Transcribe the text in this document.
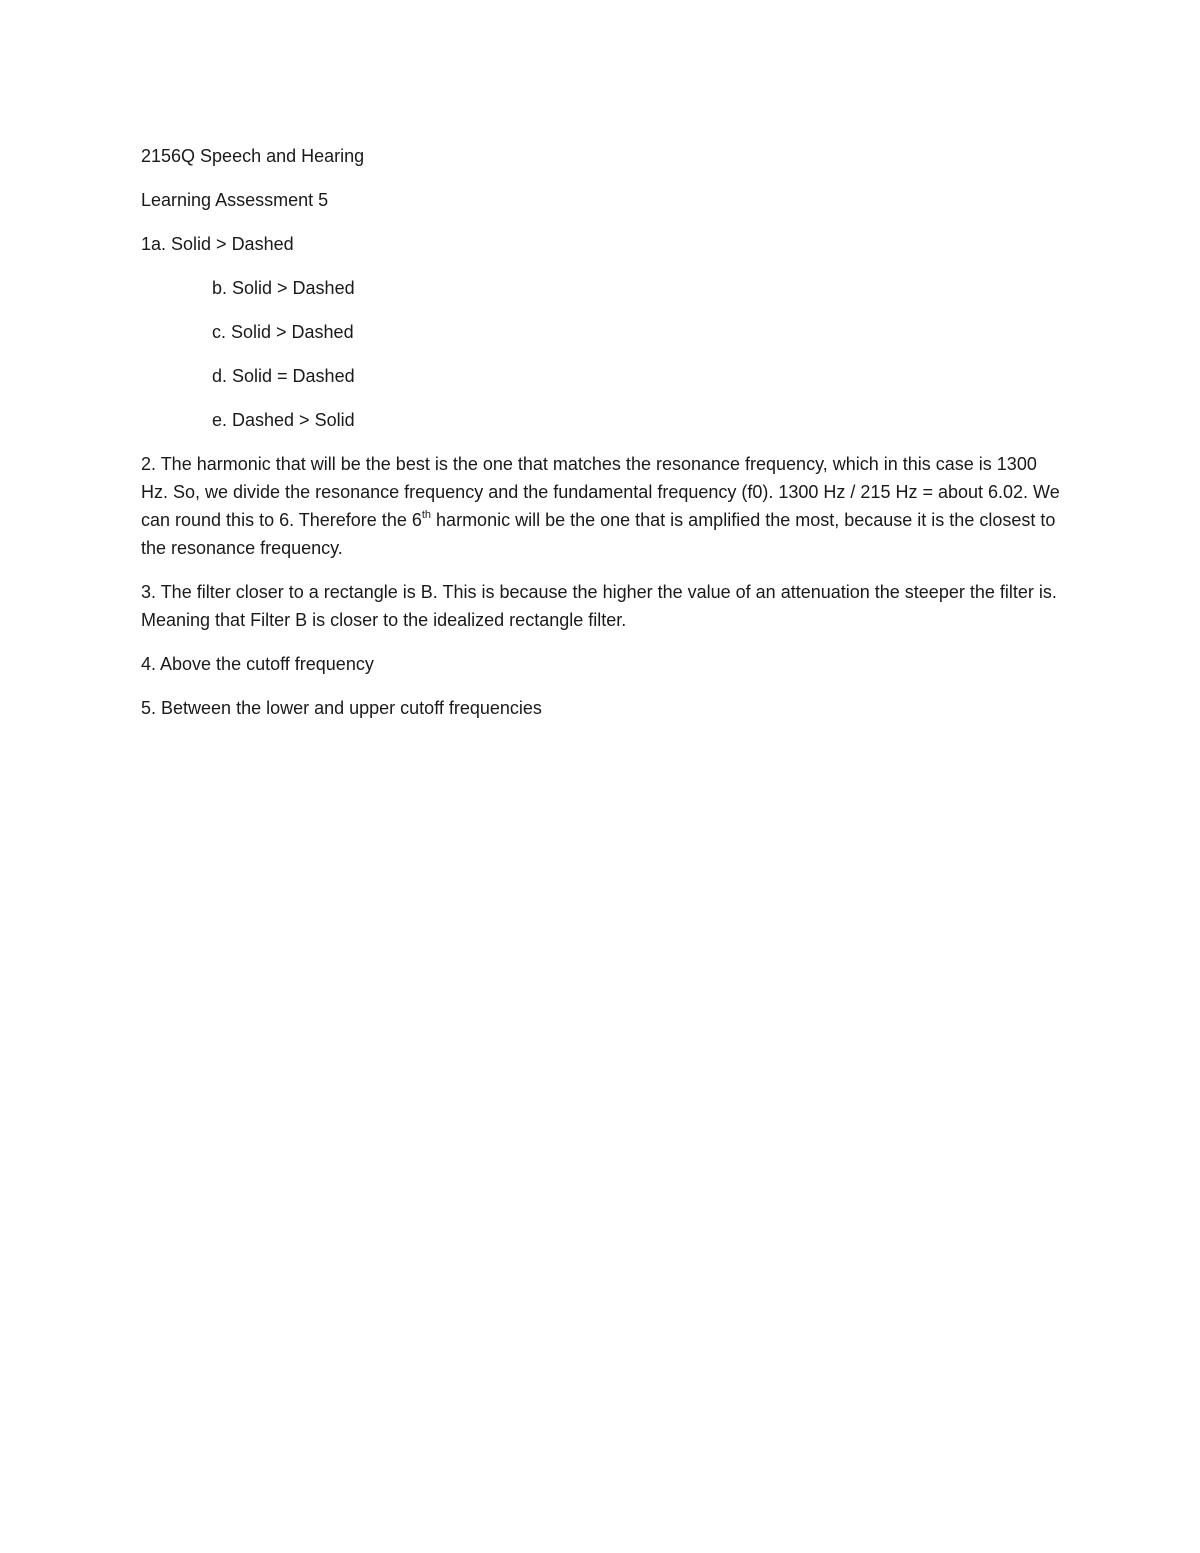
2156Q Speech and Hearing
Learning Assessment 5
1a. Solid > Dashed
b. Solid > Dashed
c. Solid > Dashed
d. Solid = Dashed
e. Dashed > Solid
2. The harmonic that will be the best is the one that matches the resonance frequency, which in this case is 1300 Hz. So, we divide the resonance frequency and the fundamental frequency (f0). 1300 Hz / 215 Hz = about 6.02. We can round this to 6. Therefore the 6th harmonic will be the one that is amplified the most, because it is the closest to the resonance frequency.
3. The filter closer to a rectangle is B. This is because the higher the value of an attenuation the steeper the filter is. Meaning that Filter B is closer to the idealized rectangle filter.
4. Above the cutoff frequency
5. Between the lower and upper cutoff frequencies
